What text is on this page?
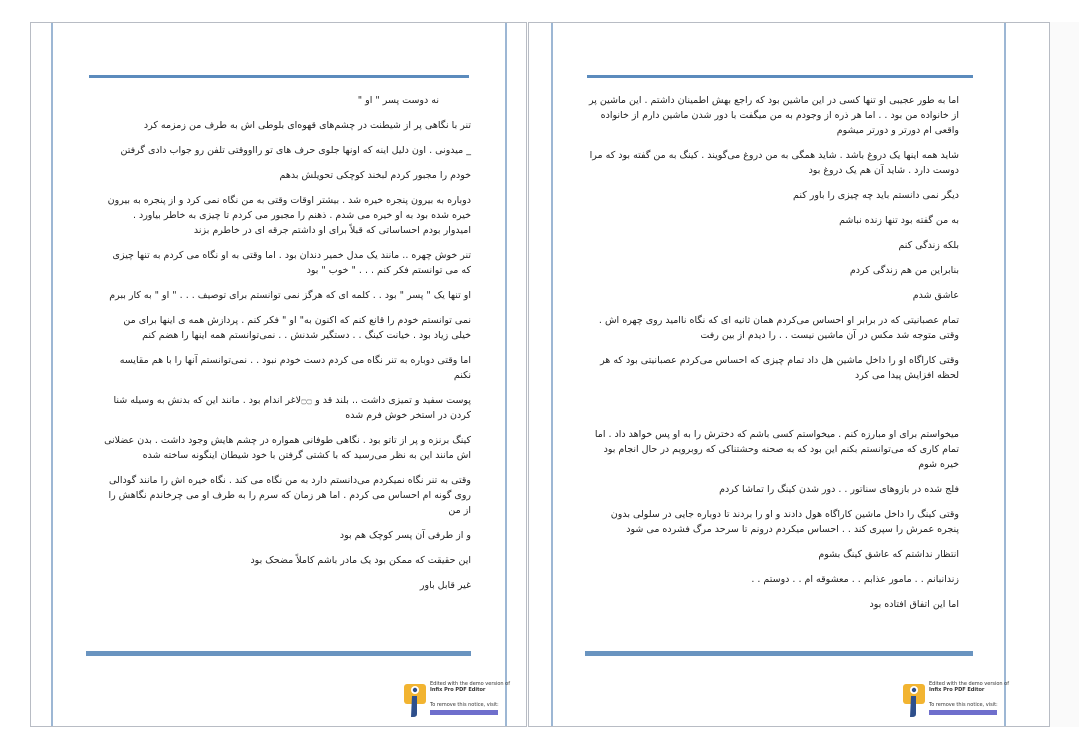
نه دوست پسر " او "

تنر با نگاهی پر از شیطنت در چشم‌های قهوه‌ای بلوطی اش به طرف من زمزمه کرد

_ میدونی . اون دلیل اینه که اونها جلوی حرف های تو رااووقتی تلفن رو جواب دادی گرفتن

خودم را مجبور کردم لبخند کوچکی تحویلش بدهم

دوباره به بیرون پنجره خیره شد . بیشتر اوقات وقتی به من نگاه نمی کرد و از پنجره به بیرون خیره شده بود به او خیره می شدم . ذهنم را مجبور می کردم تا چیزی به خاطر بیاورد . امیدوار بودم احساساتی که قبلاً برای او داشتم جرقه ای در خاطرم بزند

تنر خوش چهره .. مانند یک مدل خمیر دندان بود . اما وقتی به او نگاه می کردم به تنها چیزی که می توانستم فکر کنم . . . " خوب " بود

او تنها یک " پسر " بود . . کلمه ای که هرگز نمی توانستم برای توصیف . . . " او " به کار ببرم

نمی توانستم خودم را قانع کنم که اکنون به" او " فکر کنم . پردازش همه ی اینها برای من خیلی زیاد بود . خیانت کینگ . . دستگیر شدنش . . نمی‌توانستم همه اینها را هضم کنم

اما وقتی دوباره به تنر نگاه می کردم دست خودم نبود . . نمی‌توانستم آنها را با هم مقایسه نکنم

پوست سفید و تمیزی داشت .. بلند قد و ۝۝لاغر اندام بود . مانند این که بدنش به وسیله شنا کردن در استخر خوش فرم شده

کینگ برنزه و پر از تاتو بود . نگاهی طوفانی همواره در چشم هایش وجود داشت . بدن عضلانی اش مانند این به نظر می‌رسید که با کشتی گرفتن با خود شیطان اینگونه ساخته شده

وقتی به تنر نگاه نمیکردم می‌دانستم دارد به من نگاه می کند . نگاه خیره اش را مانند گودالی روی گونه ام احساس می کردم . اما هر زمان که سرم را به طرف او می چرخاندم نگاهش را از من

و از طرفی آن پسر کوچک هم بود

این حقیقت که ممکن بود یک مادر باشم کاملاً مضحک بود

غیر قابل باور

Edited with the demo version of
Infix Pro PDF Editor
To remove this notice, visit:

اما به طور عجیبی او تنها کسی در این ماشین بود که راجع بهش اطمینان داشتم . این ماشین پر از خانواده من بود . . اما هر ذره از وجودم به من میگفت با دور شدن ماشین دارم از خانواده واقعی ام دورتر و دورتر میشوم

شاید همه اینها یک دروغ باشد . شاید همگی به من دروغ می‌گویند . کینگ به من گفته بود که مرا دوست دارد . شاید آن هم یک دروغ بود

دیگر نمی دانستم باید چه چیزی را باور کنم

به من گفته بود تنها زنده نباشم

بلکه زندگی کنم

بنابراین من هم زندگی کردم

عاشق شدم

تمام عصبانیتی که در برابر او احساس می‌کردم همان ثانیه ای که نگاه ناامید روی چهره اش . وقتی متوجه شد مکس در آن ماشین نیست . . را دیدم از بین رفت

وقتی کاراگاه او را داخل ماشین هل داد تمام چیزی که احساس می‌کردم عصبانیتی بود که هر لحظه افزایش پیدا می کرد

میخواستم برای او مبارزه کنم . میخواستم کسی باشم که دخترش را به او پس خواهد داد . اما تمام کاری که می‌توانستم بکنم این بود که به صحنه وحشتناکی که روبرویم در حال انجام بود خیره شوم

فلج شده در بازوهای سناتور . . دور شدن کینگ را تماشا کردم

وقتی کینگ را داخل ماشین کاراگاه هول دادند و او را بردند تا دوباره جایی در سلولی بدون پنجره عمرش را سپری کند . . احساس میکردم درونم تا سرحد مرگ فشرده می شود

انتظار نداشتم که عاشق کینگ بشوم

زندانبانم . . مامور عذابم . . معشوقه ام . . دوستم . .

اما این اتفاق افتاده بود

Edited with the demo version of
Infix Pro PDF Editor
To remove this notice, visit:
